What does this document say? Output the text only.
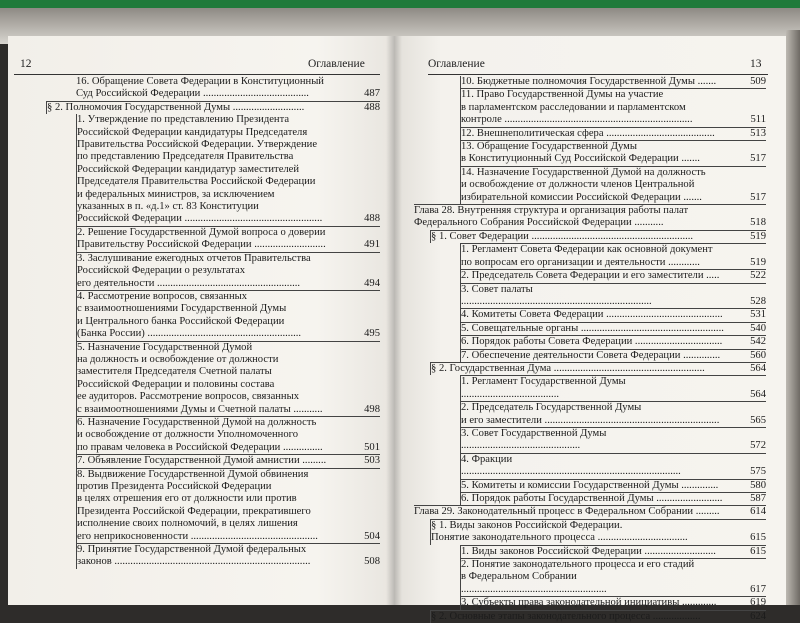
12	Оглавление
16. Обращение Совета Федерации в Конституционный
Суд Российской Федерации ........................................	487
§ 2. Полномочия Государственной Думы ...........................	488
1. Утверждение по представлению Президента
Российской Федерации кандидатуры Председателя
Правительства Российской Федерации. Утверждение
по представлению Председателя Правительства
Российской Федерации кандидатур заместителей
Председателя Правительства Российской Федерации
и федеральных министров, за исключением
указанных в п. «д.1» ст. 83 Конституции
Российской Федерации ....................................................	488
2. Решение Государственной Думой вопроса о доверии
Правительству Российской Федерации ...........................	491
3. Заслушивание ежегодных отчетов Правительства
Российской Федерации о результатах
его деятельности ......................................................	494
4. Рассмотрение вопросов, связанных
с взаимоотношениями Государственной Думы
и Центрального банка Российской Федерации
(Банка России) ..........................................................	495
5. Назначение Государственной Думой
на должность и освобождение от должности
заместителя Председателя Счетной палаты
Российской Федерации и половины состава
ее аудиторов. Рассмотрение вопросов, связанных
с взаимоотношениями Думы и Счетной палаты ...........	498
6. Назначение Государственной Думой на должность
и освобождение от должности Уполномоченного
по правам человека в Российской Федерации ...............	501
7. Объявление Государственной Думой амнистии .........	503
8. Выдвижение Государственной Думой обвинения
против Президента Российской Федерации
в целях отрешения его от должности или против
Президента Российской Федерации, прекратившего
исполнение своих полномочий, в целях лишения
его неприкосновенности ................................................	504
9. Принятие Государственной Думой федеральных
законов ..........................................................................	508
Оглавление	13
10. Бюджетные полномочия Государственной Думы .......	509
11. Право Государственной Думы на участие
в парламентском расследовании и парламентском
контроле .......................................................................	511
12. Внешнеполитическая сфера .........................................	513
13. Обращение Государственной Думы
в Конституционный Суд Российской Федерации .......	517
14. Назначение Государственной Думой на должность
и освобождение от должности членов Центральной
избирательной комиссии Российской Федерации .......	517
Глава 28. Внутренняя структура и организация работы палат
Федерального Собрания Российской Федерации ...........	518
§ 1. Совет Федерации .............................................................	519
1. Регламент Совета Федерации как основной документ
по вопросам его организации и деятельности ............	519
2. Председатель Совета Федерации и его заместители .....	522
3. Совет палаты ........................................................................	528
4. Комитеты Совета Федерации ............................................	531
5. Совещательные органы ......................................................	540
6. Порядок работы Совета Федерации .................................	542
7. Обеспечение деятельности Совета Федерации ..............	560
§ 2. Государственная Дума .........................................................	564
1. Регламент Государственной Думы .....................................	564
2. Председатель Государственной Думы
и его заместители ..................................................................	565
3. Совет Государственной Думы .............................................	572
4. Фракции ...................................................................................	575
5. Комитеты и комиссии Государственной Думы ..............	580
6. Порядок работы Государственной Думы .........................	587
Глава 29. Законодательный процесс в Федеральном Собрании .........	614
§ 1. Виды законов Российской Федерации.
Понятие законодательного процесса ..................................	615
1. Виды законов Российской Федерации ...........................	615
2. Понятие законодательного процесса и его стадий
в Федеральном Собрании .......................................................	617
3. Субъекты права законодательной инициативы .............	619
§ 2. Основные этапы законодательного процесса ..................	624
